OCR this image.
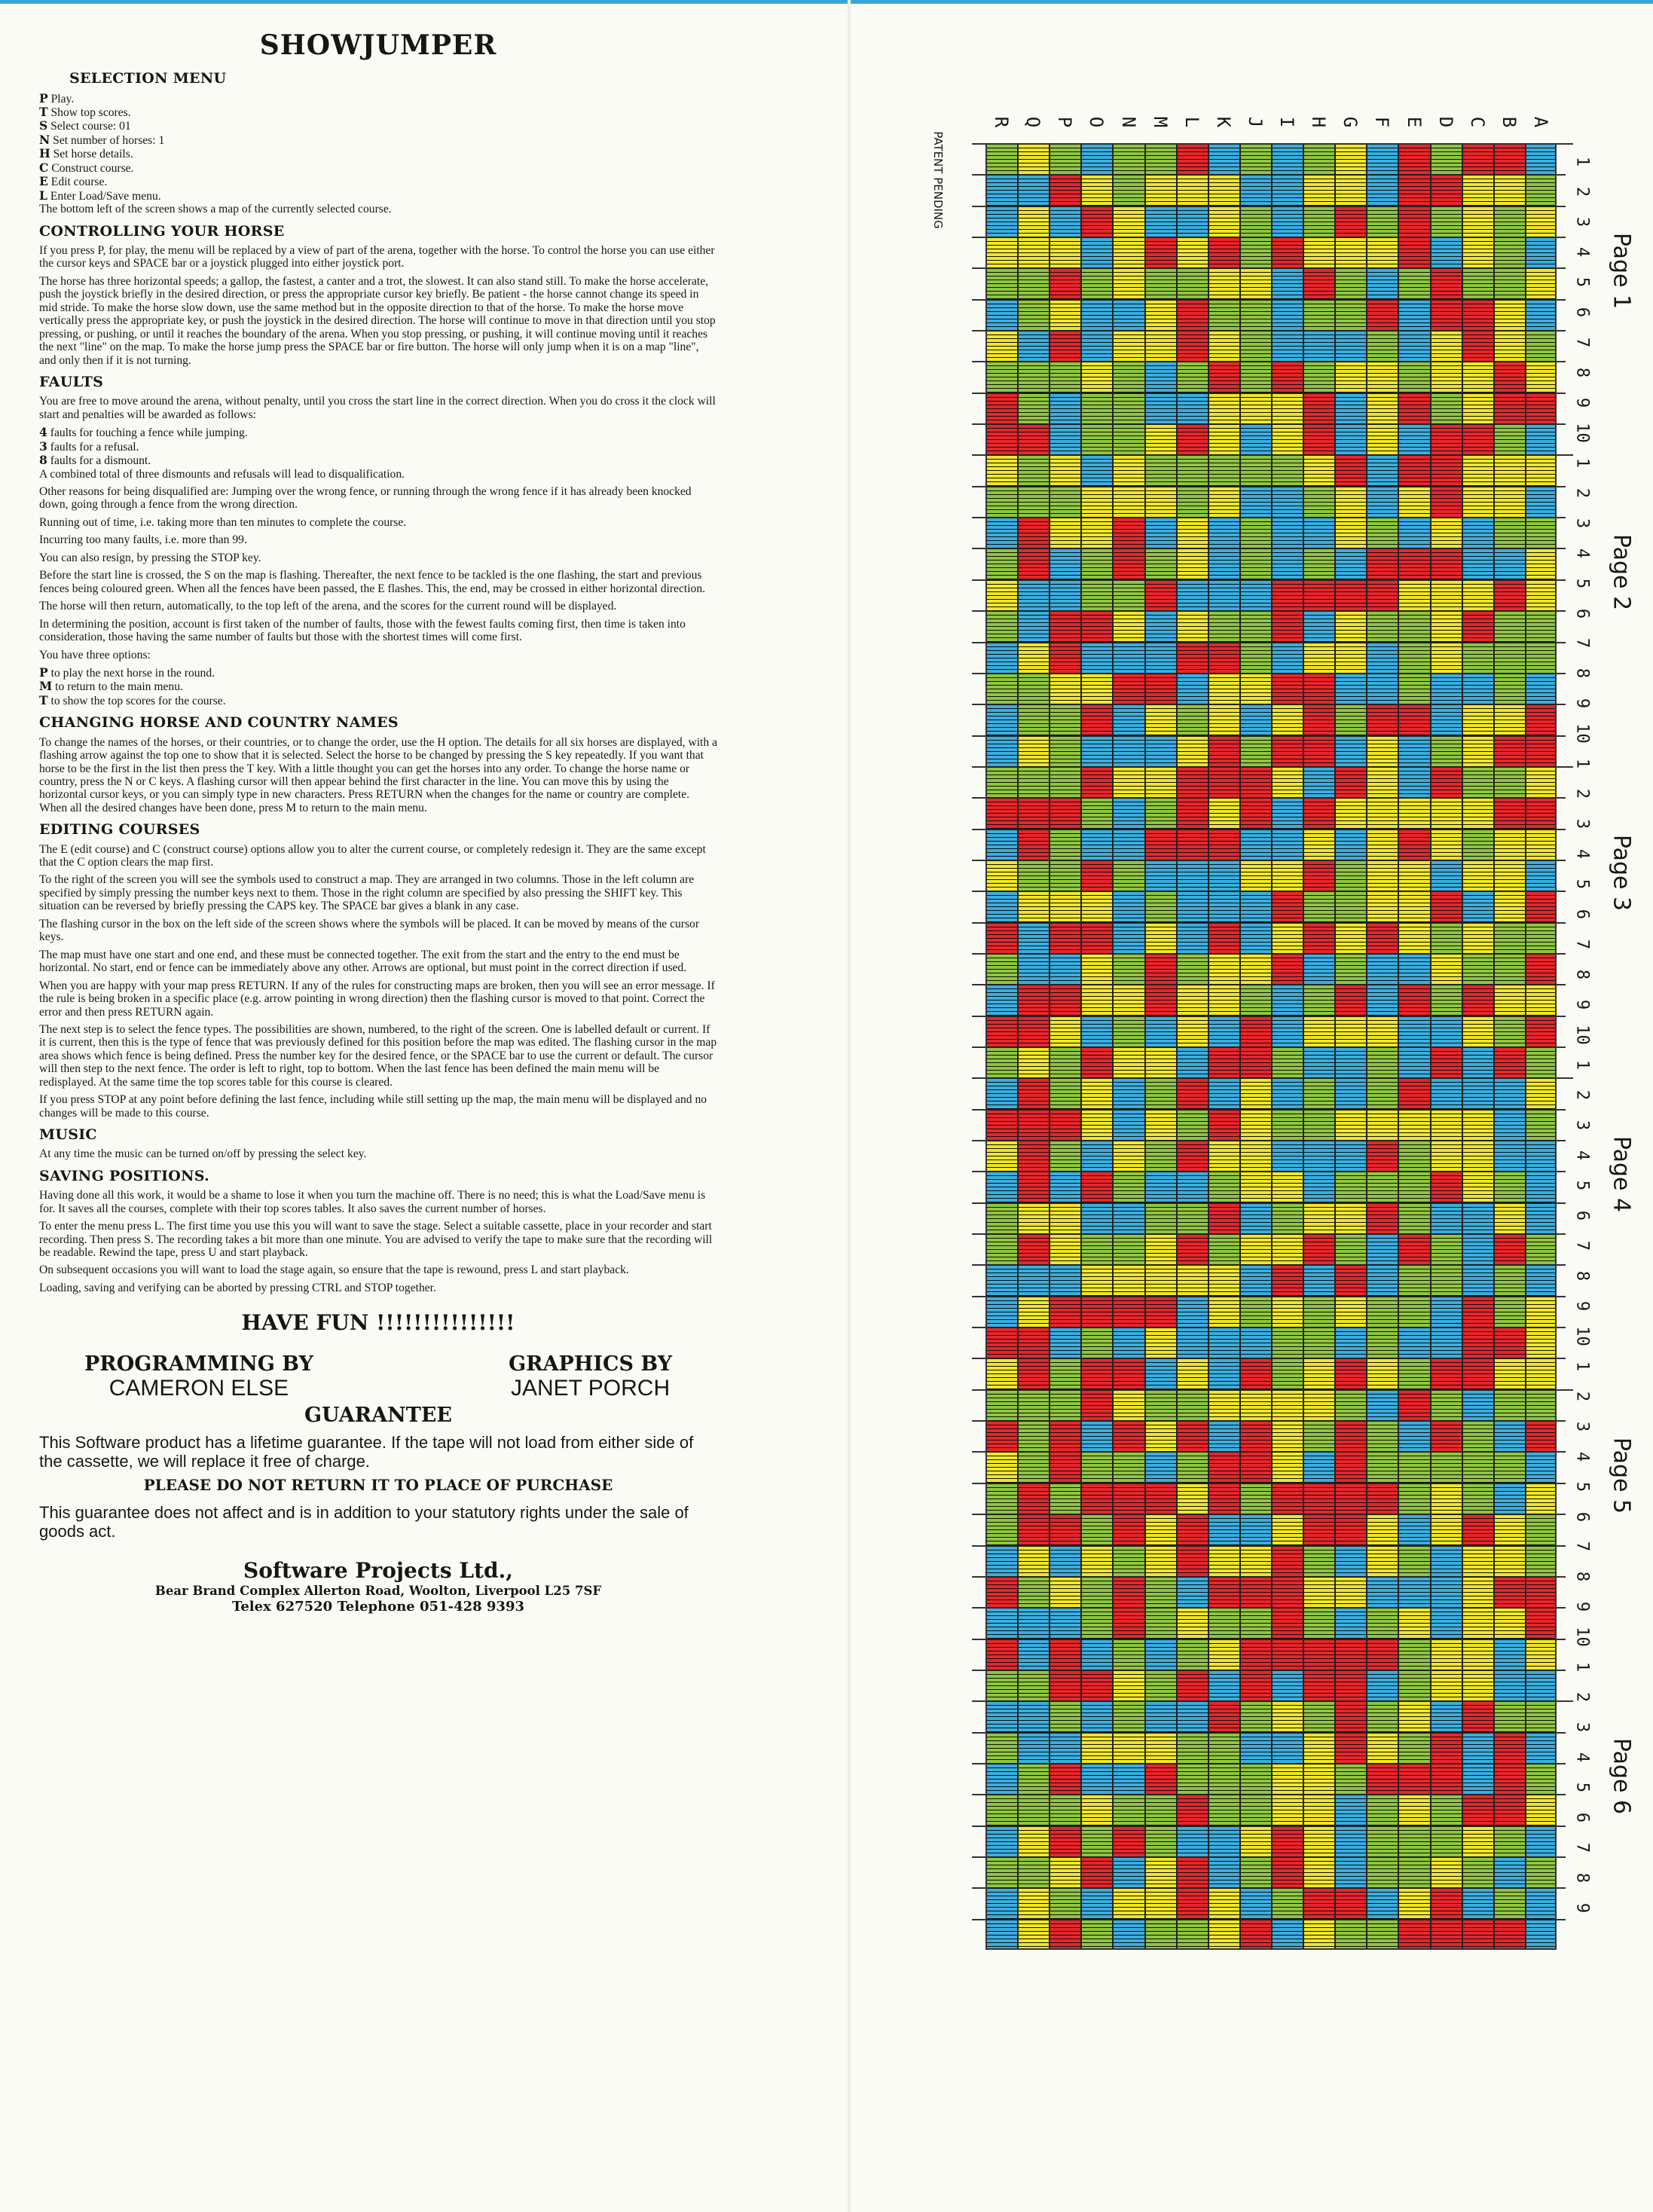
SHOWJUMPER
SELECTION MENU
P Play.
T Show top scores.
S Select course: 01
N Set number of horses: 1
H Set horse details.
C Construct course.
E Edit course.
L Enter Load/Save menu.

The bottom left of the screen shows a map of the currently selected course.

CONTROLLING YOUR HORSE

If you press P, for play, the menu will be replaced by a view of part of the arena, together with the horse. To control the horse you can use either the cursor keys and SPACE bar or a joystick plugged into either joystick port.

The horse has three horizontal speeds; a gallop, the fastest, a canter and a trot, the slowest. It can also stand still. To make the horse accelerate, push the joystick briefly in the desired direction, or press the appropriate cursor key briefly. Be patient - the horse cannot change its speed in mid stride. To make the horse slow down, use the same method but in the opposite direction to that of the horse. To make the horse move vertically press the appropriate key, or push the joystick in the desired direction. The horse will continue to move in that direction until you stop pressing, or pushing, or until it reaches the boundary of the arena. When you stop pressing, or pushing, it will continue moving until it reaches the next "line" on the map. To make the horse jump press the SPACE bar or fire button. The horse will only jump when it is on a map "line", and only then if it is not turning.

FAULTS

You are free to move around the arena, without penalty, until you cross the start line in the correct direction. When you do cross it the clock will start and penalties will be awarded as follows:

4 faults for touching a fence while jumping.
3 faults for a refusal.
8 faults for a dismount.

A combined total of three dismounts and refusals will lead to disqualification.

Other reasons for being disqualified are: Jumping over the wrong fence, or running through the wrong fence if it has already been knocked down, going through a fence from the wrong direction.

Running out of time, i.e. taking more than ten minutes to complete the course.

Incurring too many faults, i.e. more than 99.

You can also resign, by pressing the STOP key.

Before the start line is crossed, the S on the map is flashing. Thereafter, the next fence to be tackled is the one flashing, the start and previous fences being coloured green. When all the fences have been passed, the E flashes. This, the end, may be crossed in either horizontal direction.

The horse will then return, automatically, to the top left of the arena, and the scores for the current round will be displayed.

In determining the position, account is first taken of the number of faults, those with the fewest faults coming first, then time is taken into consideration, those having the same number of faults but those with the shortest times will come first.

You have three options:

P to play the next horse in the round.
M to return to the main menu.
T to show the top scores for the course.
CHANGING HORSE AND COUNTRY NAMES

To change the names of the horses, or their countries, or to change the order, use the H option. The details for all six horses are displayed, with a flashing arrow against the top one to show that it is selected. Select the horse to be changed by pressing the S key repeatedly. If you want that horse to be the first in the list then press the T key. With a little thought you can get the horses into any order. To change the horse name or country, press the N or C keys. A flashing cursor will then appear behind the first character in the line. You can move this by using the horizontal cursor keys, or you can simply type in new characters. Press RETURN when the changes for the name or country are complete. When all the desired changes have been done, press M to return to the main menu.

EDITING COURSES

The E (edit course) and C (construct course) options allow you to alter the current course, or completely redesign it. They are the same except that the C option clears the map first.

To the right of the screen you will see the symbols used to construct a map. They are arranged in two columns. Those in the left column are specified by simply pressing the number keys next to them. Those in the right column are specified by also pressing the SHIFT key. This situation can be reversed by briefly pressing the CAPS key. The SPACE bar gives a blank in any case.

The flashing cursor in the box on the left side of the screen shows where the symbols will be placed. It can be moved by means of the cursor keys.

The map must have one start and one end, and these must be connected together. The exit from the start and the entry to the end must be horizontal. No start, end or fence can be immediately above any other. Arrows are optional, but must point in the correct direction if used.

When you are happy with your map press RETURN. If any of the rules for constructing maps are broken, then you will see an error message. If the rule is being broken in a specific place (e.g. arrow pointing in wrong direction) then the flashing cursor is moved to that point. Correct the error and then press RETURN again.

The next step is to select the fence types. The possibilities are shown, numbered, to the right of the screen. One is labelled default or current. If it is current, then this is the type of fence that was previously defined for this position before the map was edited. The flashing cursor in the map area shows which fence is being defined. Press the number key for the desired fence, or the SPACE bar to use the current or default. The cursor will then step to the next fence. The order is left to right, top to bottom. When the last fence has been defined the main menu will be redisplayed. At the same time the top scores table for this course is cleared.

If you press STOP at any point before defining the last fence, including while still setting up the map, the main menu will be displayed and no changes will be made to this course.

MUSIC

At any time the music can be turned on/off by pressing the select key.

SAVING POSITIONS.

Having done all this work, it would be a shame to lose it when you turn the machine off. There is no need; this is what the Load/Save menu is for. It saves all the courses, complete with their top scores tables. It also saves the current number of horses.

To enter the menu press L. The first time you use this you will want to save the stage. Select a suitable cassette, place in your recorder and start recording. Then press S. The recording takes a bit more than one minute. You are advised to verify the tape to make sure that the recording will be readable. Rewind the tape, press U and start playback.

On subsequent occasions you will want to load the stage again, so ensure that the tape is rewound, press L and start playback.

Loading, saving and verifying can be aborted by pressing CTRL and STOP together.

HAVE FUN !!!!!!!!!!!!!!!
PROGRAMMING BY
CAMERON ELSE
GRAPHICS BY
JANET PORCH
GUARANTEE
This Software product has a lifetime guarantee. If the tape will not load from either side of the cassette, we will replace it free of charge.
PLEASE DO NOT RETURN IT TO PLACE OF PURCHASE
This guarantee does not affect and is in addition to your statutory rights under the sale of goods act.
Software Projects Ltd.,
Bear Brand Complex Allerton Road, Woolton, Liverpool L25 7SF
Telex 627520 Telephone 051-428 9393
PATENT PENDING
R Q P O N M L K J I H G F E D C B A
1
2
3
4
5
6
7
8
9
10
Page 1
1
2
3
4
5
6
7
8
9
10
Page 2
1
2
3
4
5
6
7
8
9
10
Page 3
1
2
3
4
5
6
7
8
9
10
Page 4
1
2
3
4
5
6
7
8
9
10
Page 5
1
2
3
4
5
6
7
8
9
Page 6
